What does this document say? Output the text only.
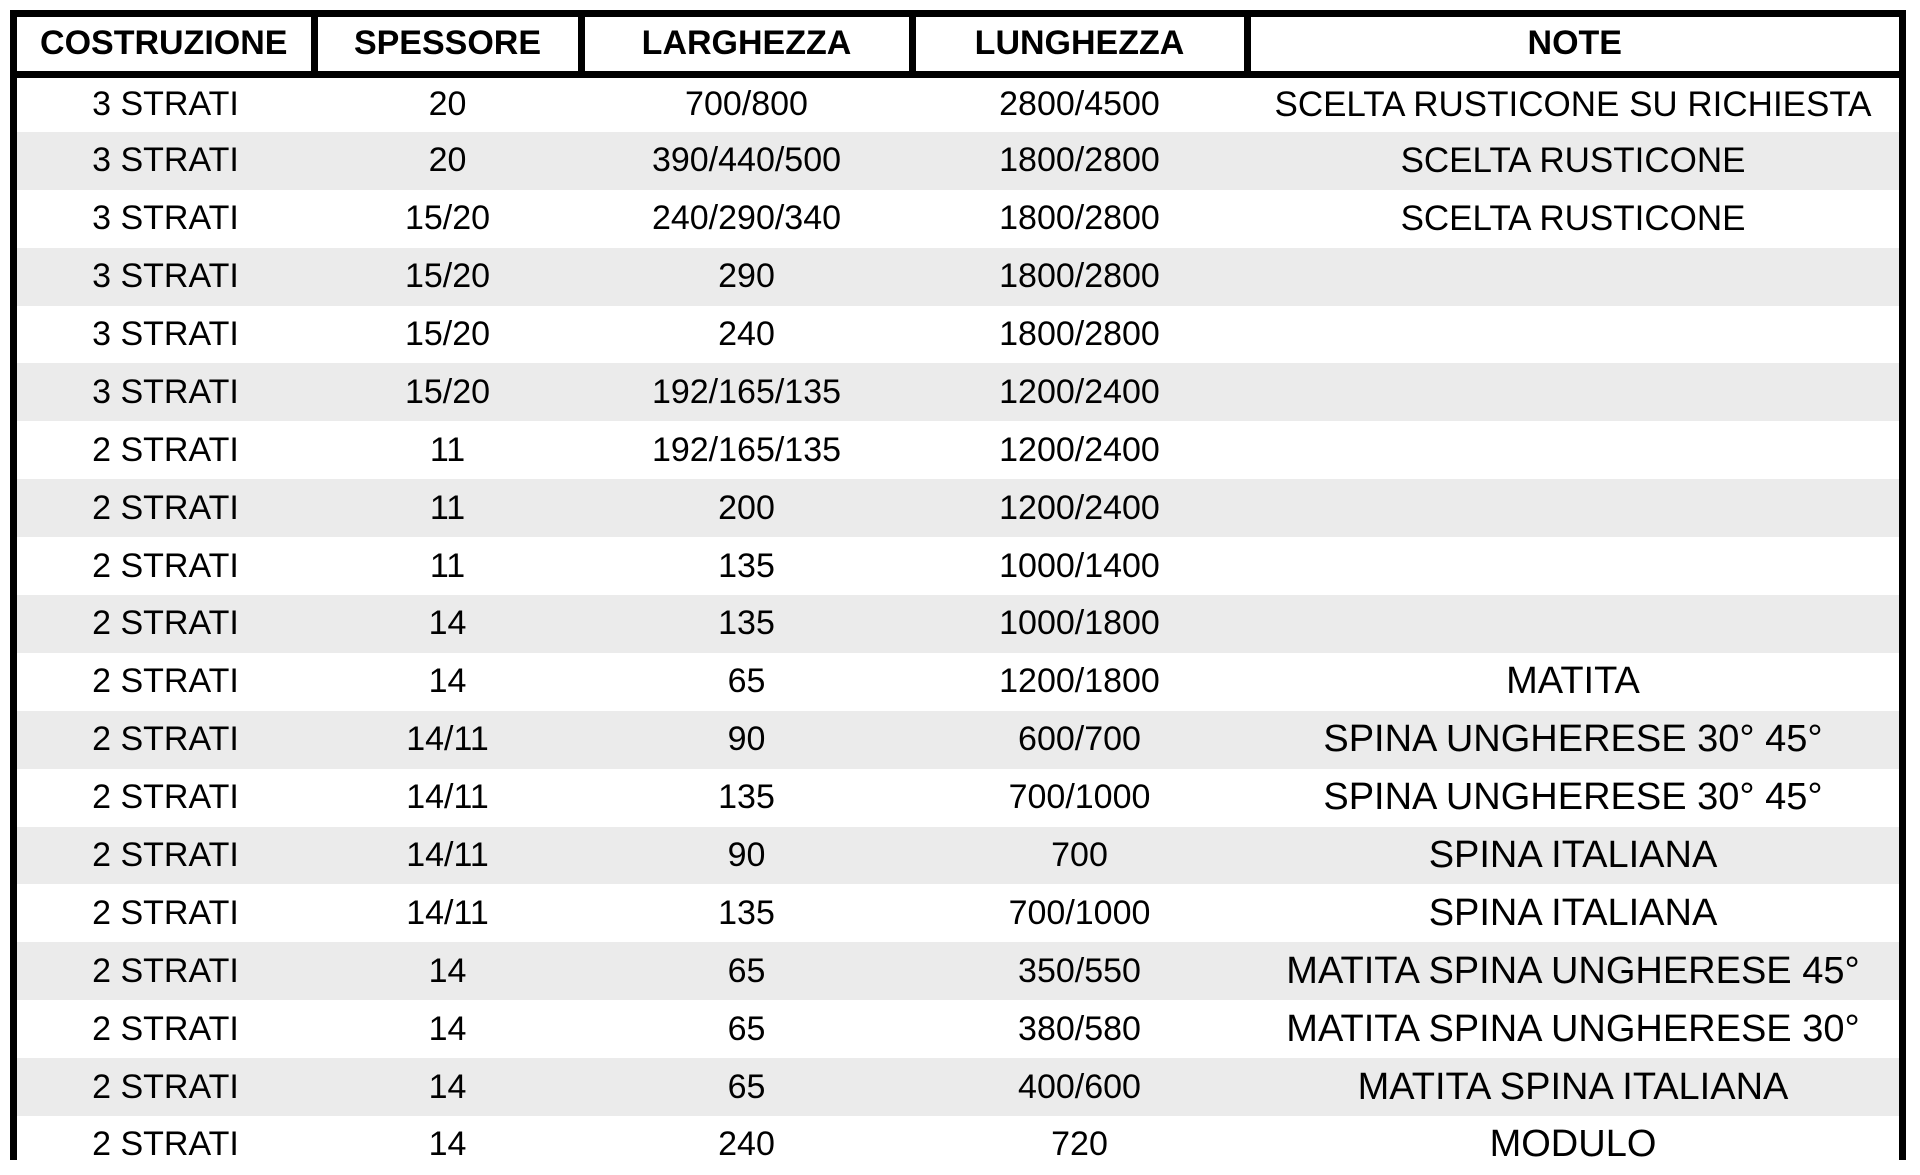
COSTRUZIONE	SPESSORE	LARGHEZZA	LUNGHEZZA	NOTE
3 STRATI	20	700/800	2800/4500	SCELTA RUSTICONE SU RICHIESTA
3 STRATI	20	390/440/500	1800/2800	SCELTA RUSTICONE
3 STRATI	15/20	240/290/340	1800/2800	SCELTA RUSTICONE
3 STRATI	15/20	290	1800/2800	
3 STRATI	15/20	240	1800/2800	
3 STRATI	15/20	192/165/135	1200/2400	
2 STRATI	11	192/165/135	1200/2400	
2 STRATI	11	200	1200/2400	
2 STRATI	11	135	1000/1400	
2 STRATI	14	135	1000/1800	
2 STRATI	14	65	1200/1800	MATITA
2 STRATI	14/11	90	600/700	SPINA UNGHERESE 30° 45°
2 STRATI	14/11	135	700/1000	SPINA UNGHERESE 30° 45°
2 STRATI	14/11	90	700	SPINA ITALIANA
2 STRATI	14/11	135	700/1000	SPINA ITALIANA
2 STRATI	14	65	350/550	MATITA SPINA UNGHERESE 45°
2 STRATI	14	65	380/580	MATITA SPINA UNGHERESE 30°
2 STRATI	14	65	400/600	MATITA SPINA ITALIANA
2 STRATI	14	240	720	MODULO
